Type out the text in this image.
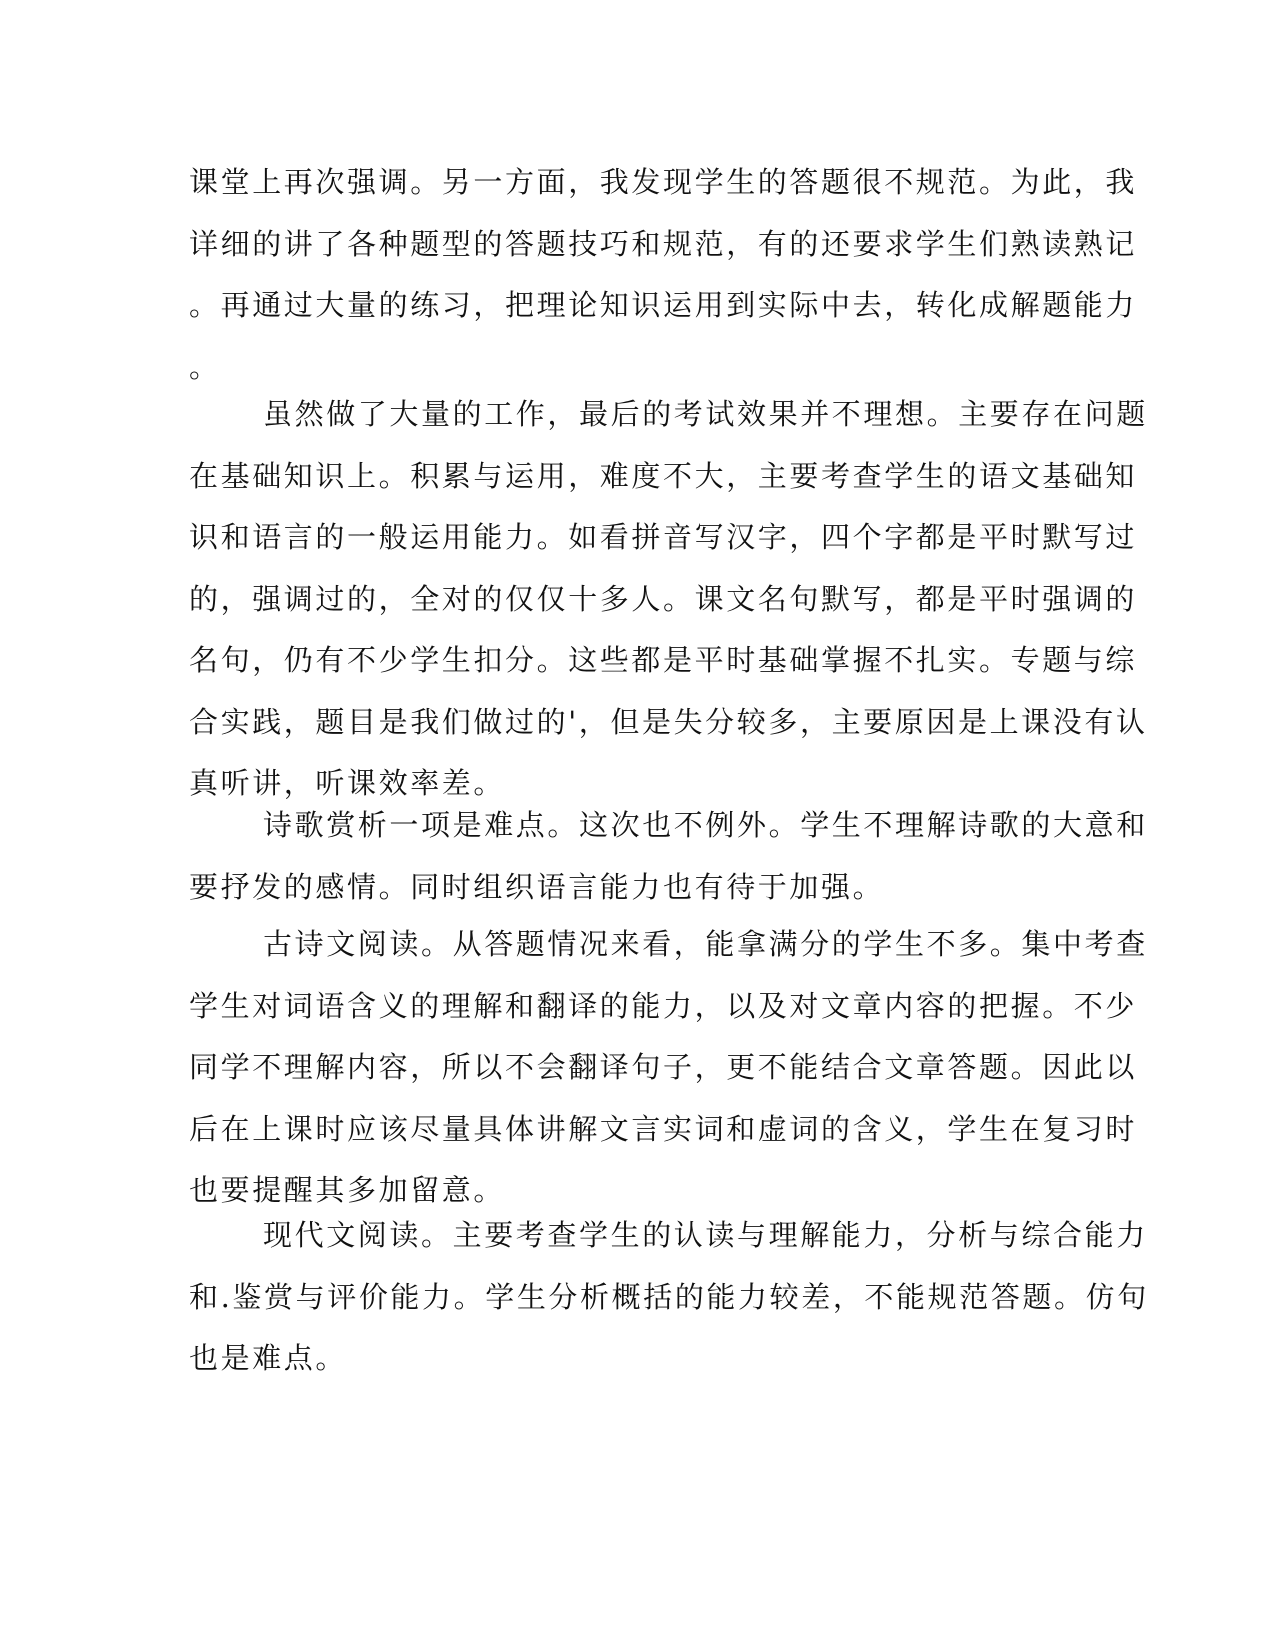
课堂上再次强调。另一方面，我发现学生的答题很不规范。为此，我
详细的讲了各种题型的答题技巧和规范，有的还要求学生们熟读熟记
。再通过大量的练习，把理论知识运用到实际中去，转化成解题能力
。
虽然做了大量的工作，最后的考试效果并不理想。主要存在问题
在基础知识上。积累与运用，难度不大，主要考查学生的语文基础知
识和语言的一般运用能力。如看拼音写汉字，四个字都是平时默写过
的，强调过的，全对的仅仅十多人。课文名句默写，都是平时强调的
名句，仍有不少学生扣分。这些都是平时基础掌握不扎实。专题与综
合实践，题目是我们做过的'，但是失分较多，主要原因是上课没有认
真听讲，听课效率差。
诗歌赏析一项是难点。这次也不例外。学生不理解诗歌的大意和
要抒发的感情。同时组织语言能力也有待于加强。
古诗文阅读。从答题情况来看，能拿满分的学生不多。集中考查
学生对词语含义的理解和翻译的能力，以及对文章内容的把握。不少
同学不理解内容，所以不会翻译句子，更不能结合文章答题。因此以
后在上课时应该尽量具体讲解文言实词和虚词的含义，学生在复习时
也要提醒其多加留意。
现代文阅读。主要考查学生的认读与理解能力，分析与综合能力
和.鉴赏与评价能力。学生分析概括的能力较差，不能规范答题。仿句
也是难点。
